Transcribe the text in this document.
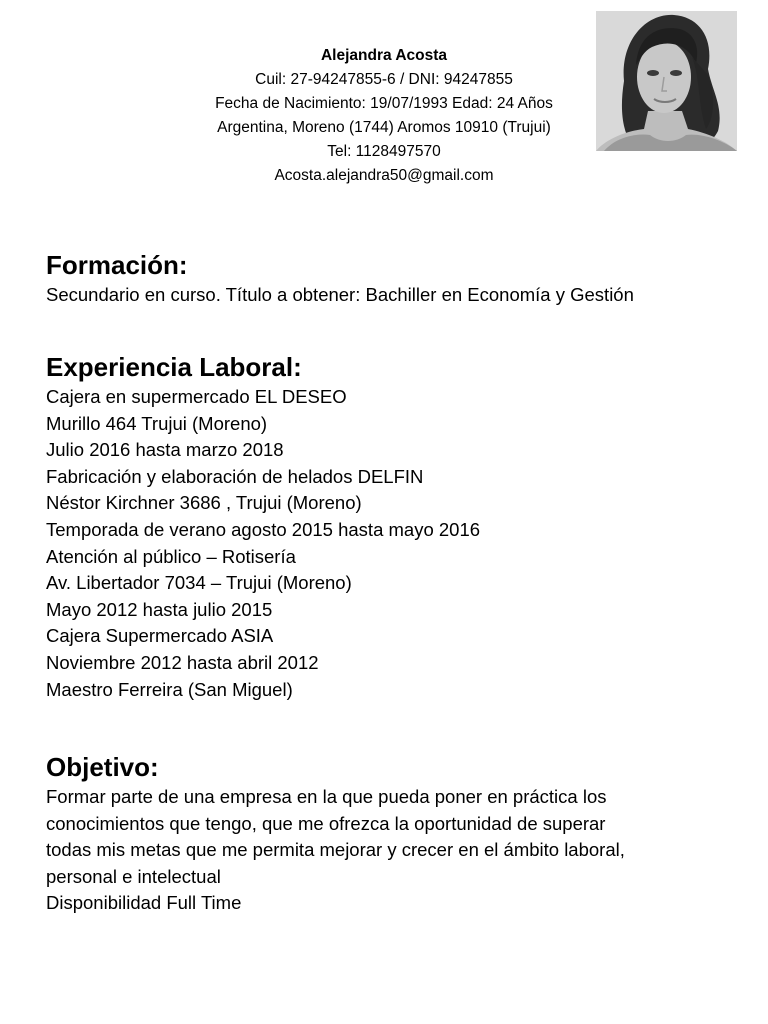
Alejandra Acosta
Cuil: 27-94247855-6 / DNI: 94247855
Fecha de Nacimiento: 19/07/1993 Edad: 24 Años
Argentina, Moreno (1744) Aromos 10910 (Trujui)
Tel: 1128497570
Acosta.alejandra50@gmail.com
Formación:
Secundario en curso. Título a obtener: Bachiller en Economía y Gestión
Experiencia Laboral:
Cajera en supermercado EL DESEO
Murillo 464 Trujui (Moreno)
Julio 2016 hasta marzo 2018
Fabricación y elaboración de helados DELFIN
Néstor Kirchner 3686 , Trujui (Moreno)
Temporada de verano agosto 2015 hasta mayo 2016
Atención al público – Rotisería
Av. Libertador 7034 – Trujui (Moreno)
Mayo 2012 hasta julio 2015
Cajera Supermercado ASIA
Noviembre 2012 hasta abril 2012
Maestro Ferreira (San Miguel)
Objetivo:
Formar parte de una empresa en la que pueda poner en práctica los
conocimientos que tengo, que me ofrezca la oportunidad de superar
todas mis metas que me permita mejorar y crecer en el ámbito laboral,
personal e intelectual
Disponibilidad Full Time
